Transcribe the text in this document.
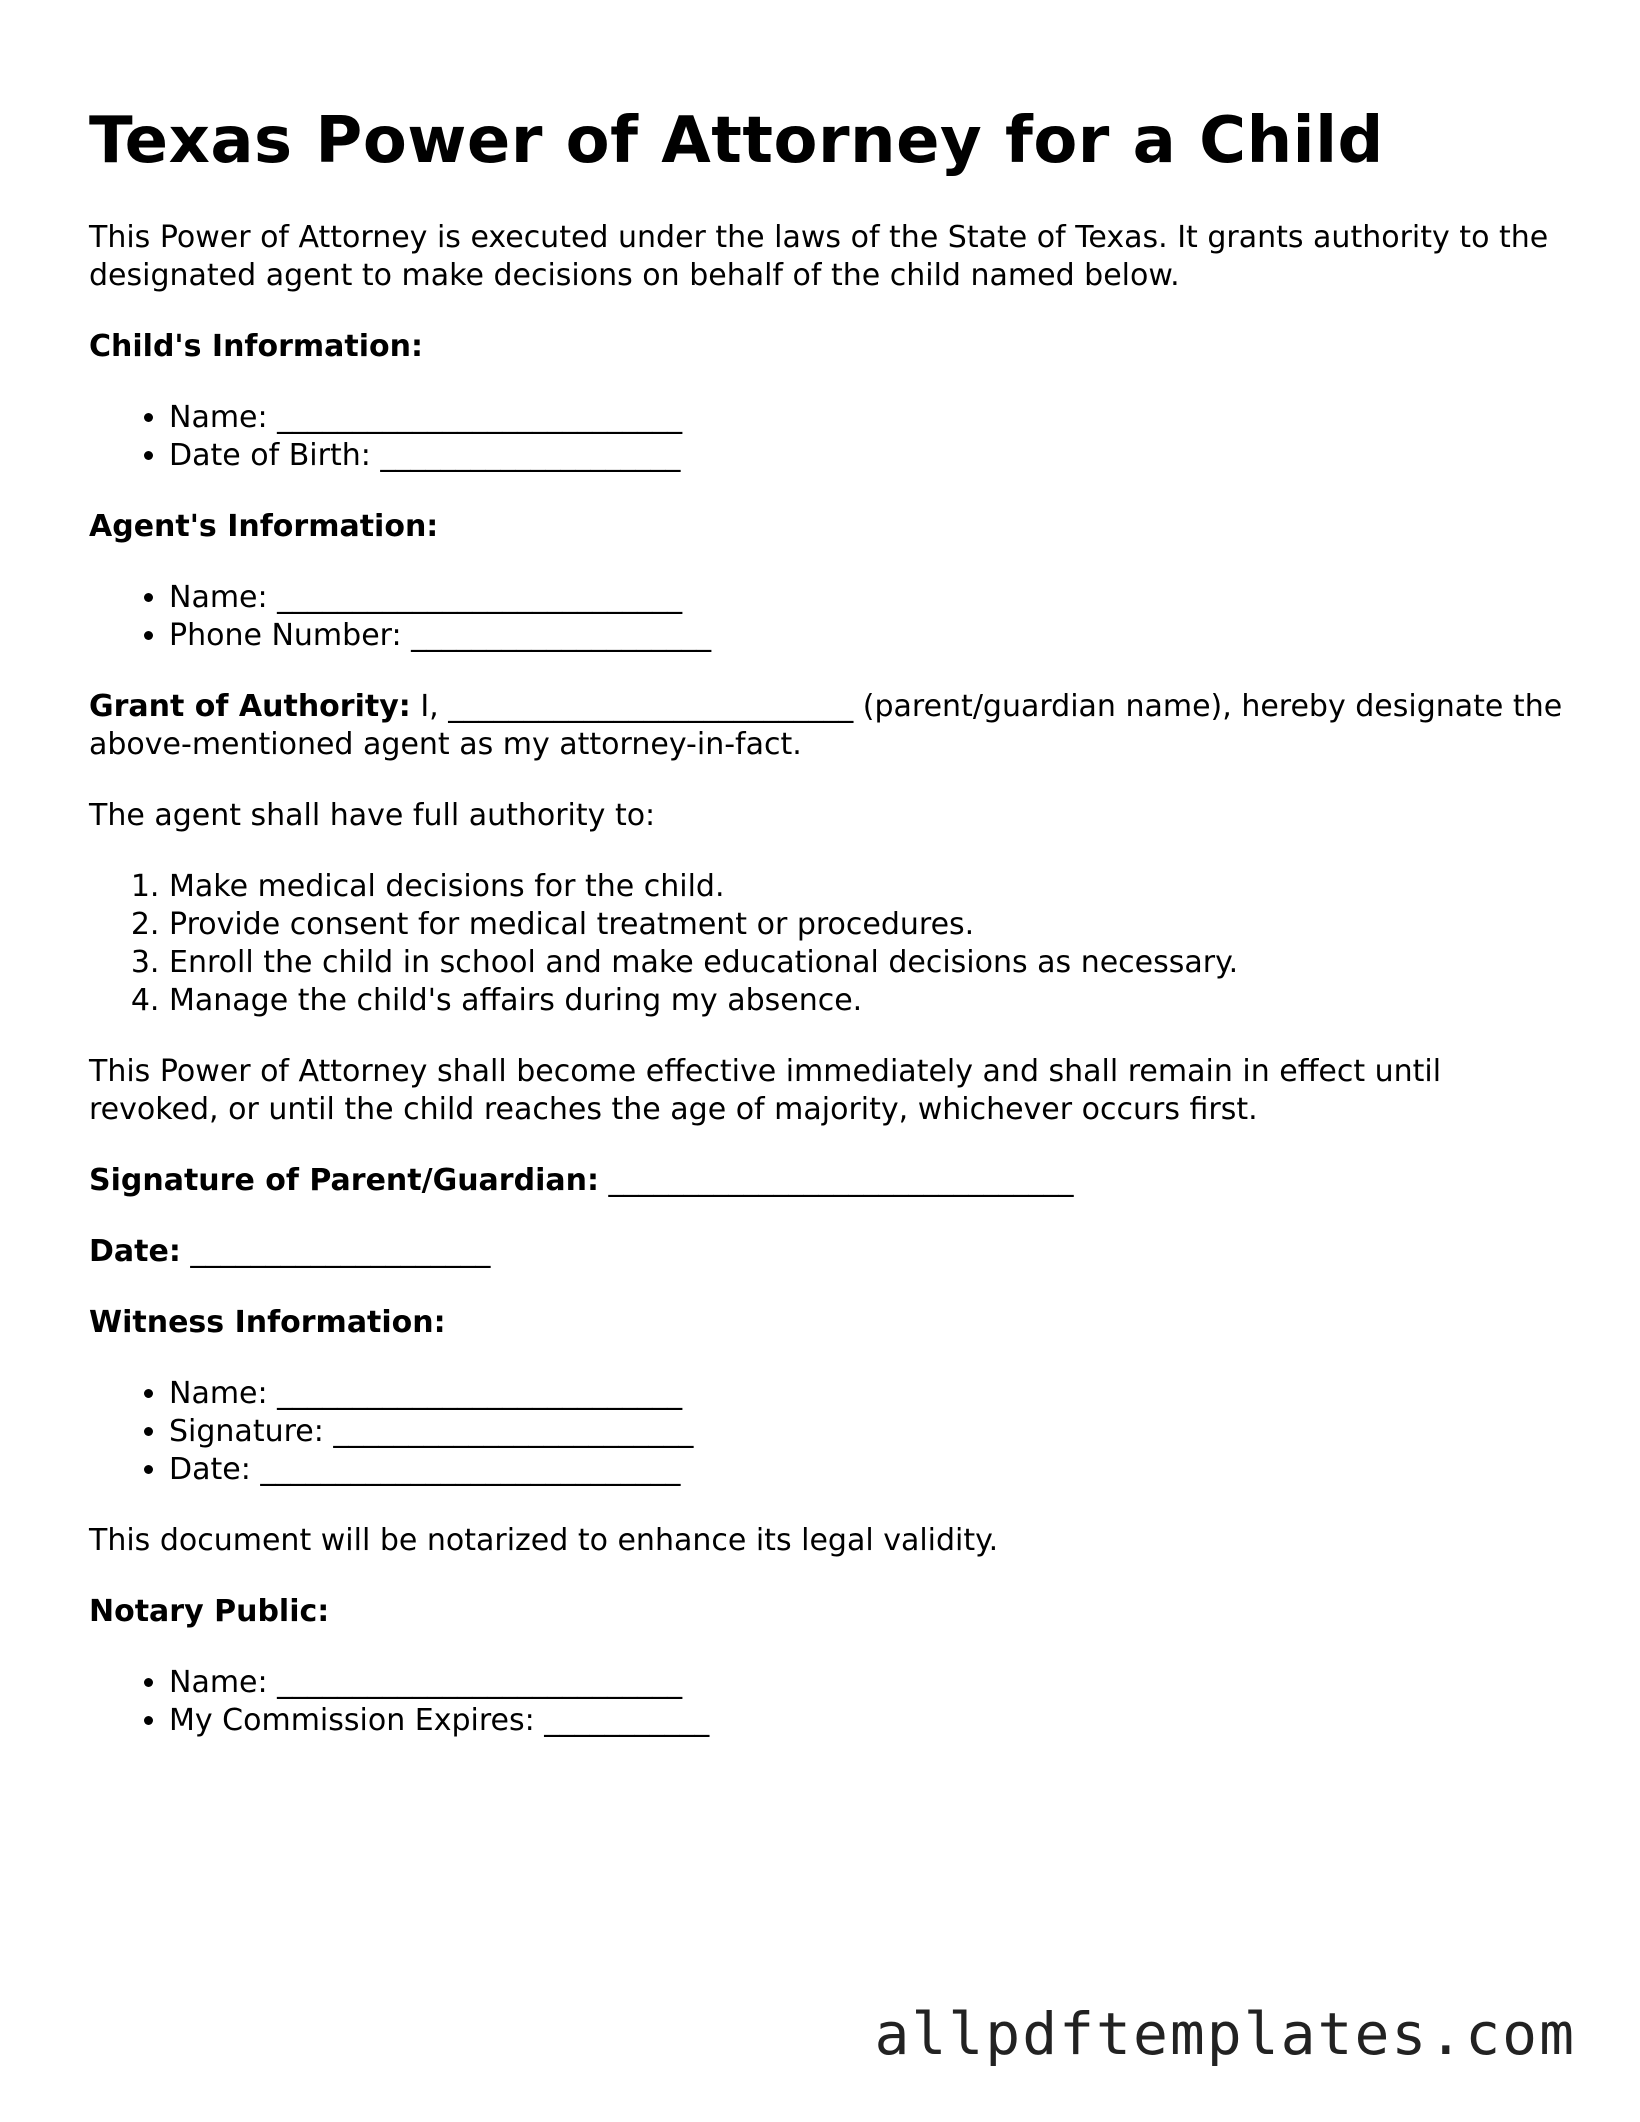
Texas Power of Attorney for a Child

This Power of Attorney is executed under the laws of the State of Texas. It grants authority to the designated agent to make decisions on behalf of the child named below.

Child's Information:

• Name: ___________________________
• Date of Birth: ____________________

Agent's Information:

• Name: ___________________________
• Phone Number: ____________________

Grant of Authority: I, ___________________________ (parent/guardian name), hereby designate the above-mentioned agent as my attorney-in-fact.

The agent shall have full authority to:

1. Make medical decisions for the child.
2. Provide consent for medical treatment or procedures.
3. Enroll the child in school and make educational decisions as necessary.
4. Manage the child's affairs during my absence.

This Power of Attorney shall become effective immediately and shall remain in effect until revoked, or until the child reaches the age of majority, whichever occurs first.

Signature of Parent/Guardian: _______________________________

Date: ____________________

Witness Information:

• Name: ___________________________
• Signature: ________________________
• Date: ____________________________

This document will be notarized to enhance its legal validity.

Notary Public:

• Name: ___________________________
• My Commission Expires: ___________
allpdftemplates.com
